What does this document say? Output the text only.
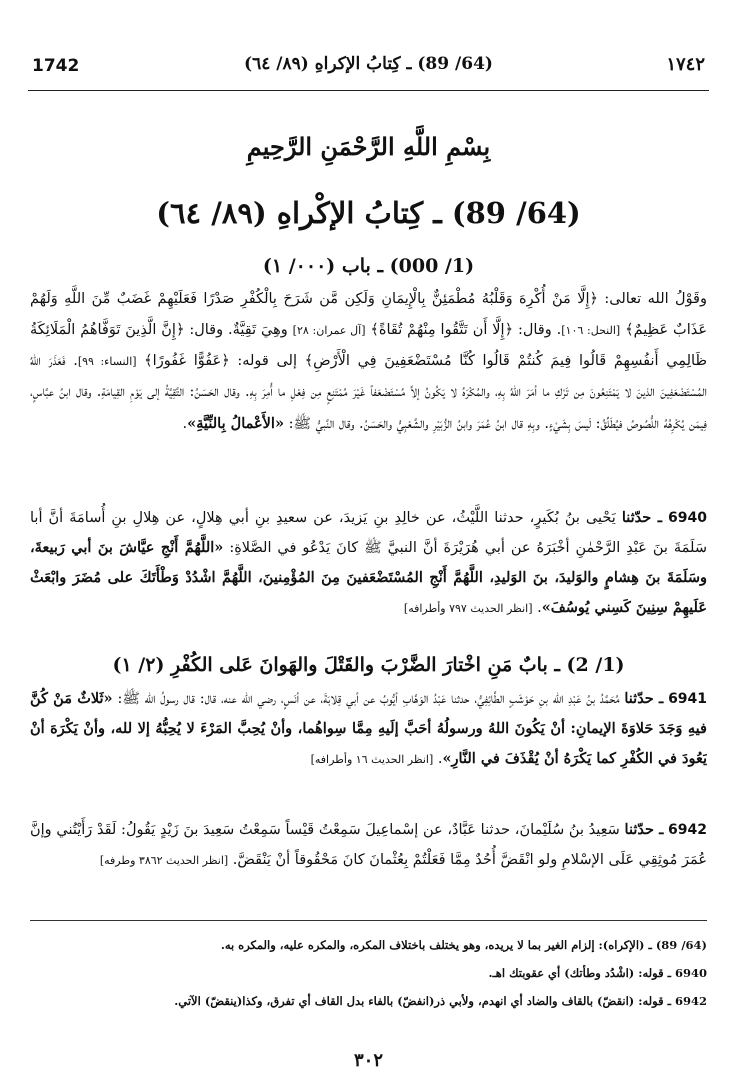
1742	(64/ 89) ـ كِتابُ الإكراهِ (٨٩/ ٦٤)	١٧٤٢
بِسْمِ اللَّهِ الرَّحْمَنِ الرَّحِيمِ
(64/ 89) ـ كِتابُ الإكْراهِ (٨٩/ ٦٤)
(1/ 000) ـ باب (٠٠٠/ ١)
وقَوْلُ الله تعالى: ﴿إِلَّا مَنْ أُكْرِهَ وَقَلْبُهُ مُطْمَئِنٌّ بِالْإِيمَانِ وَلَكِن مَّن شَرَحَ بِالْكُفْرِ صَدْرًا فَعَلَيْهِمْ غَضَبٌ مِّنَ اللَّهِ وَلَهُمْ عَذَابٌ عَظِيمٌ﴾ [النحل: ١٠٦]. وقال: ﴿إِلَّا أَن تَتَّقُوا مِنْهُمْ تُقَاةً﴾ [آل عمران: ٢٨] وهِيَ تَقِيَّةٌ. وقال: ﴿إِنَّ الَّذِينَ تَوَفَّاهُمُ الْمَلَائِكَةُ ظَالِمِي أَنفُسِهِمْ قَالُوا فِيمَ كُنتُمْ قَالُوا كُنَّا مُسْتَضْعَفِينَ فِي الْأَرْضِ﴾ إلى قوله: ﴿عَفُوًّا غَفُورًا﴾ [النساء: ٩٩]. فَعَذَرَ اللهُ المُسْتَضْعَفِينَ الذينَ لا يَمْتَنِعُونَ مِن تَرْكِ ما أمَرَ اللهُ بِهِ، والمُكْرَهُ لا يَكُونُ إلاَّ مُسْتَضْعَفاً غَيْرَ مُمْتَنِعٍ مِن فِعْلِ ما أُمِرَ بِهِ. وقال الحَسَنُ: التَّقِيَّةُ إلى يَوْمِ القِيامَةِ. وقال ابنُ عبَّاسٍ، فِيمَن يُكْرِهُهُ اللُّصُوصُ فيُطَلِّقُ: لَيسَ بِشَيْءٍ. وبِهِ قال ابنُ عُمَرَ وابنُ الزُّبَيْرِ والشَّعْبِيُّ والحَسَنُ. وقال النَّبيُّ ﷺ: «الأَعْمالُ بِالنِّيَّةِ».
6940 ـ حدّثنا يَحْيى بنُ بُكَيرٍ، حدثنا اللَّيْثُ، عن خالِدِ بنِ يَزيدَ، عن سعيدِ بنِ أبي هِلالٍ، عن هِلالِ بنِ أُسامَةَ أنَّ أبا سَلَمَةَ بنَ عَبْدِ الرَّحْمٰنِ أخْبَرَهُ عن أبي هُرَيْرَةَ أنَّ النبيَّ ﷺ كانَ يَدْعُو في الصَّلاةِ: «اللَّهُمَّ أَنْجِ عيَّاشَ بنَ أبي رَبيعةَ، وسَلَمَةَ بنَ هِشامٍ والوَليدَ، بنَ الوَليدِ، اللَّهُمَّ أَنْجِ المُسْتَضْعَفينَ مِنَ المُؤْمِنينَ، اللَّهُمَّ اشْدُدْ وَطْأَتَكَ على مُضَرَ وابْعَثْ عَلَيهِمْ سِنِينَ كَسِني يُوسُفَ». [انظر الحديث ٧٩٧ وأطرافه]
(1/ 2) ـ بابٌ مَنِ اخْتارَ الضَّرْبَ والقَتْلَ والهَوانَ عَلى الكُفْرِ (٢/ ١)
6941 ـ حدّثنا مُحَمَّدُ بنُ عَبْدِ الله بنِ حَوْشَبٍ الطَّائِفِيُّ، حدثنا عَبْدُ الوَهَّابِ أيُّوبُ عن أبي قِلابَةَ، عن أنَسٍ، رضي الله عنه، قال: قال رسولُ الله ﷺ: «ثَلاثٌ مَنْ كُنَّ فيهِ وَجَدَ حَلاوَةَ الإيمانِ: أنْ يَكُونَ اللهُ ورسولُهُ أحَبَّ إلَيهِ مِمَّا سِواهُما، وأنْ يُحِبَّ المَرْءَ لا يُحِبُّهُ إلا لله، وأنْ يَكْرَهَ أنْ يَعُودَ في الكُفْرِ كما يَكْرَهُ أنْ يُقْذَفَ في النَّارِ». [انظر الحديث ١٦ وأطرافه]
6942 ـ حدّثنا سَعِيدُ بنُ سُلَيْمانَ، حدثنا عَبَّادٌ، عن إسْماعِيلَ سَمِعْتُ قَيْساً سَمِعْتُ سَعِيدَ بنَ زَيْدٍ يَقُولُ: لَقَدْ رَأَيْتُني وإنَّ عُمَرَ مُوثِقِي عَلَى الإسْلامِ ولو انْقَضَّ أُحُدٌ مِمَّا فَعَلْتُمْ بِعُثْمانَ كانَ مَحْقُوقاً أنْ يَنْقَضَّ. [انظر الحديث ٣٨٦٢ وطرفه]
(64/ 89) ـ (الإكراه): إلزام الغير بما لا يريده، وهو يختلف باختلاف المكره، والمكره عليه، والمكره به.
6940 ـ قوله: (اشْدُد وطأتك) أي عقوبتك اهـ.
6942 ـ قوله: (انقضّ) بالقاف والضاد أي انهدم، ولأبي ذر(انفضّ) بالفاء بدل القاف أي تفرق، وكذا(ينقضّ) الآتي.
٣٠٢
